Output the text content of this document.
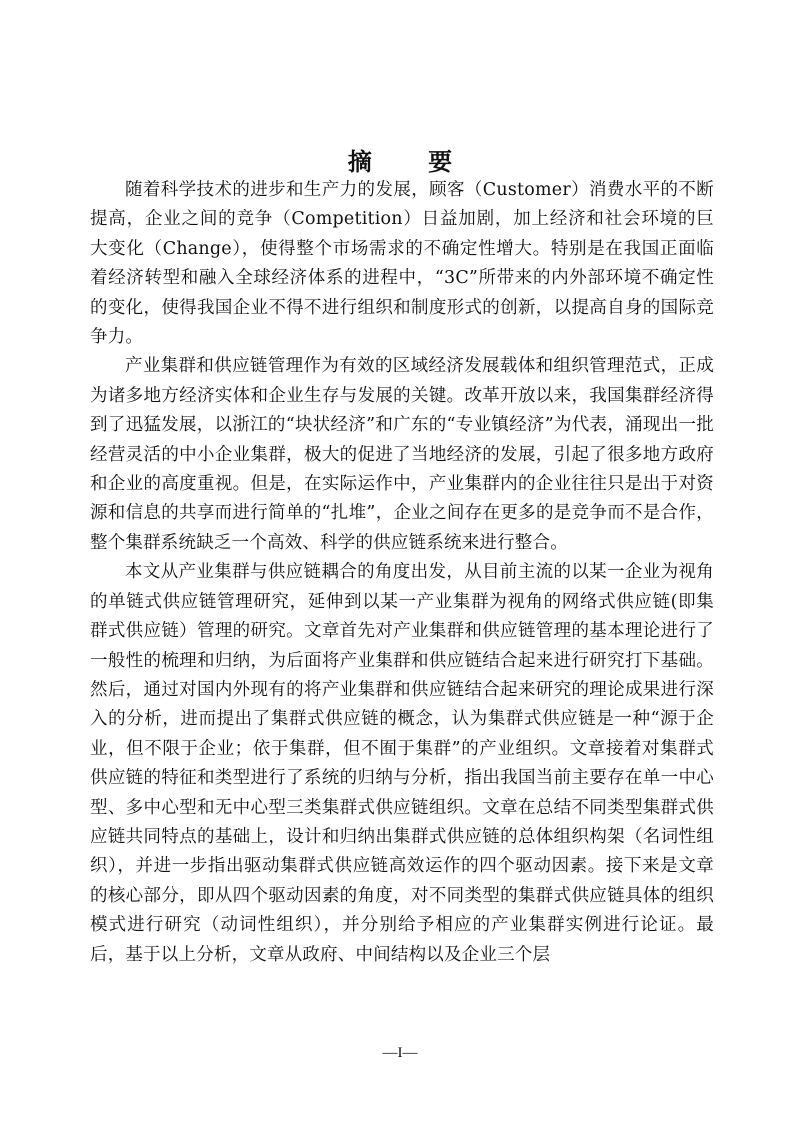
摘 要

随着科学技术的进步和生产力的发展，顾客（Customer）消费水平的不断提高，企业之间的竞争（Competition）日益加剧，加上经济和社会环境的巨大变化（Change），使得整个市场需求的不确定性增大。特别是在我国正面临着经济转型和融入全球经济体系的进程中，“3C”所带来的内外部环境不确定性的变化，使得我国企业不得不进行组织和制度形式的创新，以提高自身的国际竞争力。

产业集群和供应链管理作为有效的区域经济发展载体和组织管理范式，正成为诸多地方经济实体和企业生存与发展的关键。改革开放以来，我国集群经济得到了迅猛发展，以浙江的“块状经济”和广东的“专业镇经济”为代表，涌现出一批经营灵活的中小企业集群，极大的促进了当地经济的发展，引起了很多地方政府和企业的高度重视。但是，在实际运作中，产业集群内的企业往往只是出于对资源和信息的共享而进行简单的“扎堆”，企业之间存在更多的是竞争而不是合作，整个集群系统缺乏一个高效、科学的供应链系统来进行整合。

本文从产业集群与供应链耦合的角度出发，从目前主流的以某一企业为视角的单链式供应链管理研究，延伸到以某一产业集群为视角的网络式供应链(即集群式供应链）管理的研究。文章首先对产业集群和供应链管理的基本理论进行了一般性的梳理和归纳，为后面将产业集群和供应链结合起来进行研究打下基础。然后，通过对国内外现有的将产业集群和供应链结合起来研究的理论成果进行深入的分析，进而提出了集群式供应链的概念，认为集群式供应链是一种“源于企业，但不限于企业；依于集群，但不囿于集群”的产业组织。文章接着对集群式供应链的特征和类型进行了系统的归纳与分析，指出我国当前主要存在单一中心型、多中心型和无中心型三类集群式供应链组织。文章在总结不同类型集群式供应链共同特点的基础上，设计和归纳出集群式供应链的总体组织构架（名词性组织），并进一步指出驱动集群式供应链高效运作的四个驱动因素。接下来是文章的核心部分，即从四个驱动因素的角度，对不同类型的集群式供应链具体的组织模式进行研究（动词性组织），并分别给予相应的产业集群实例进行论证。最后，基于以上分析，文章从政府、中间结构以及企业三个层

—I—
